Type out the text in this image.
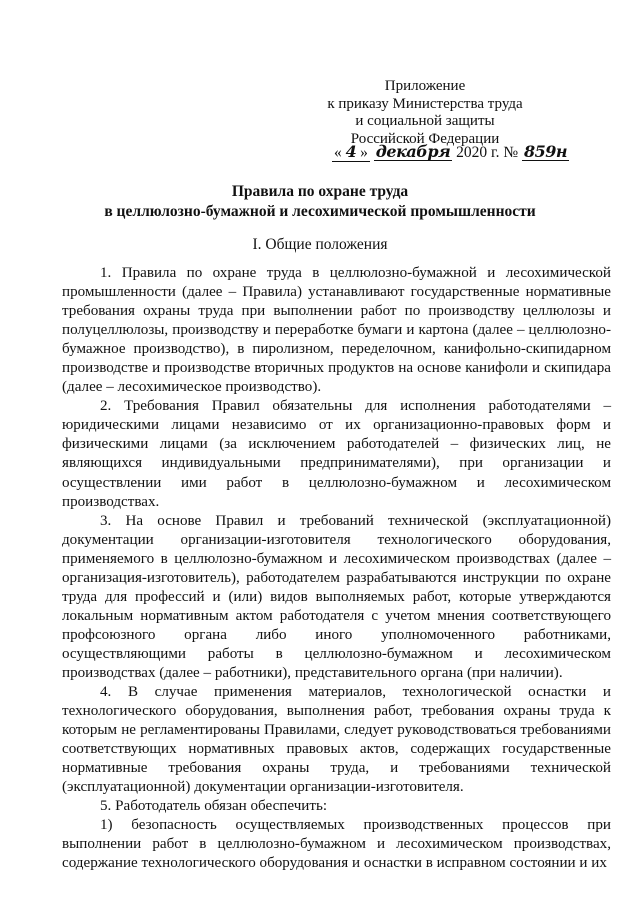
Приложение
к приказу Министерства труда
и социальной защиты
Российской Федерации
« 4 » декабря 2020 г. № 859н
Правила по охране труда
в целлюлозно-бумажной и лесохимической промышленности
I. Общие положения

1. Правила по охране труда в целлюлозно-бумажной и лесохимической промышленности (далее – Правила) устанавливают государственные нормативные требования охраны труда при выполнении работ по производству целлюлозы и полуцеллюлозы, производству и переработке бумаги и картона (далее – целлюлозно-бумажное производство), в пиролизном, переделочном, канифольно-скипидарном производстве и производстве вторичных продуктов на основе канифоли и скипидара (далее – лесохимическое производство).

2. Требования Правил обязательны для исполнения работодателями – юридическими лицами независимо от их организационно-правовых форм и физическими лицами (за исключением работодателей – физических лиц, не являющихся индивидуальными предпринимателями), при организации и осуществлении ими работ в целлюлозно-бумажном и лесохимическом производствах.

3. На основе Правил и требований технической (эксплуатационной) документации организации-изготовителя технологического оборудования, применяемого в целлюлозно-бумажном и лесохимическом производствах (далее – организация-изготовитель), работодателем разрабатываются инструкции по охране труда для профессий и (или) видов выполняемых работ, которые утверждаются локальным нормативным актом работодателя с учетом мнения соответствующего профсоюзного органа либо иного уполномоченного работниками, осуществляющими работы в целлюлозно-бумажном и лесохимическом производствах (далее – работники), представительного органа (при наличии).

4. В случае применения материалов, технологической оснастки и технологического оборудования, выполнения работ, требования охраны труда к которым не регламентированы Правилами, следует руководствоваться требованиями соответствующих нормативных правовых актов, содержащих государственные нормативные требования охраны труда, и требованиями технической (эксплуатационной) документации организации-изготовителя.

5. Работодатель обязан обеспечить:

1) безопасность осуществляемых производственных процессов при выполнении работ в целлюлозно-бумажном и лесохимическом производствах, содержание технологического оборудования и оснастки в исправном состоянии и их
